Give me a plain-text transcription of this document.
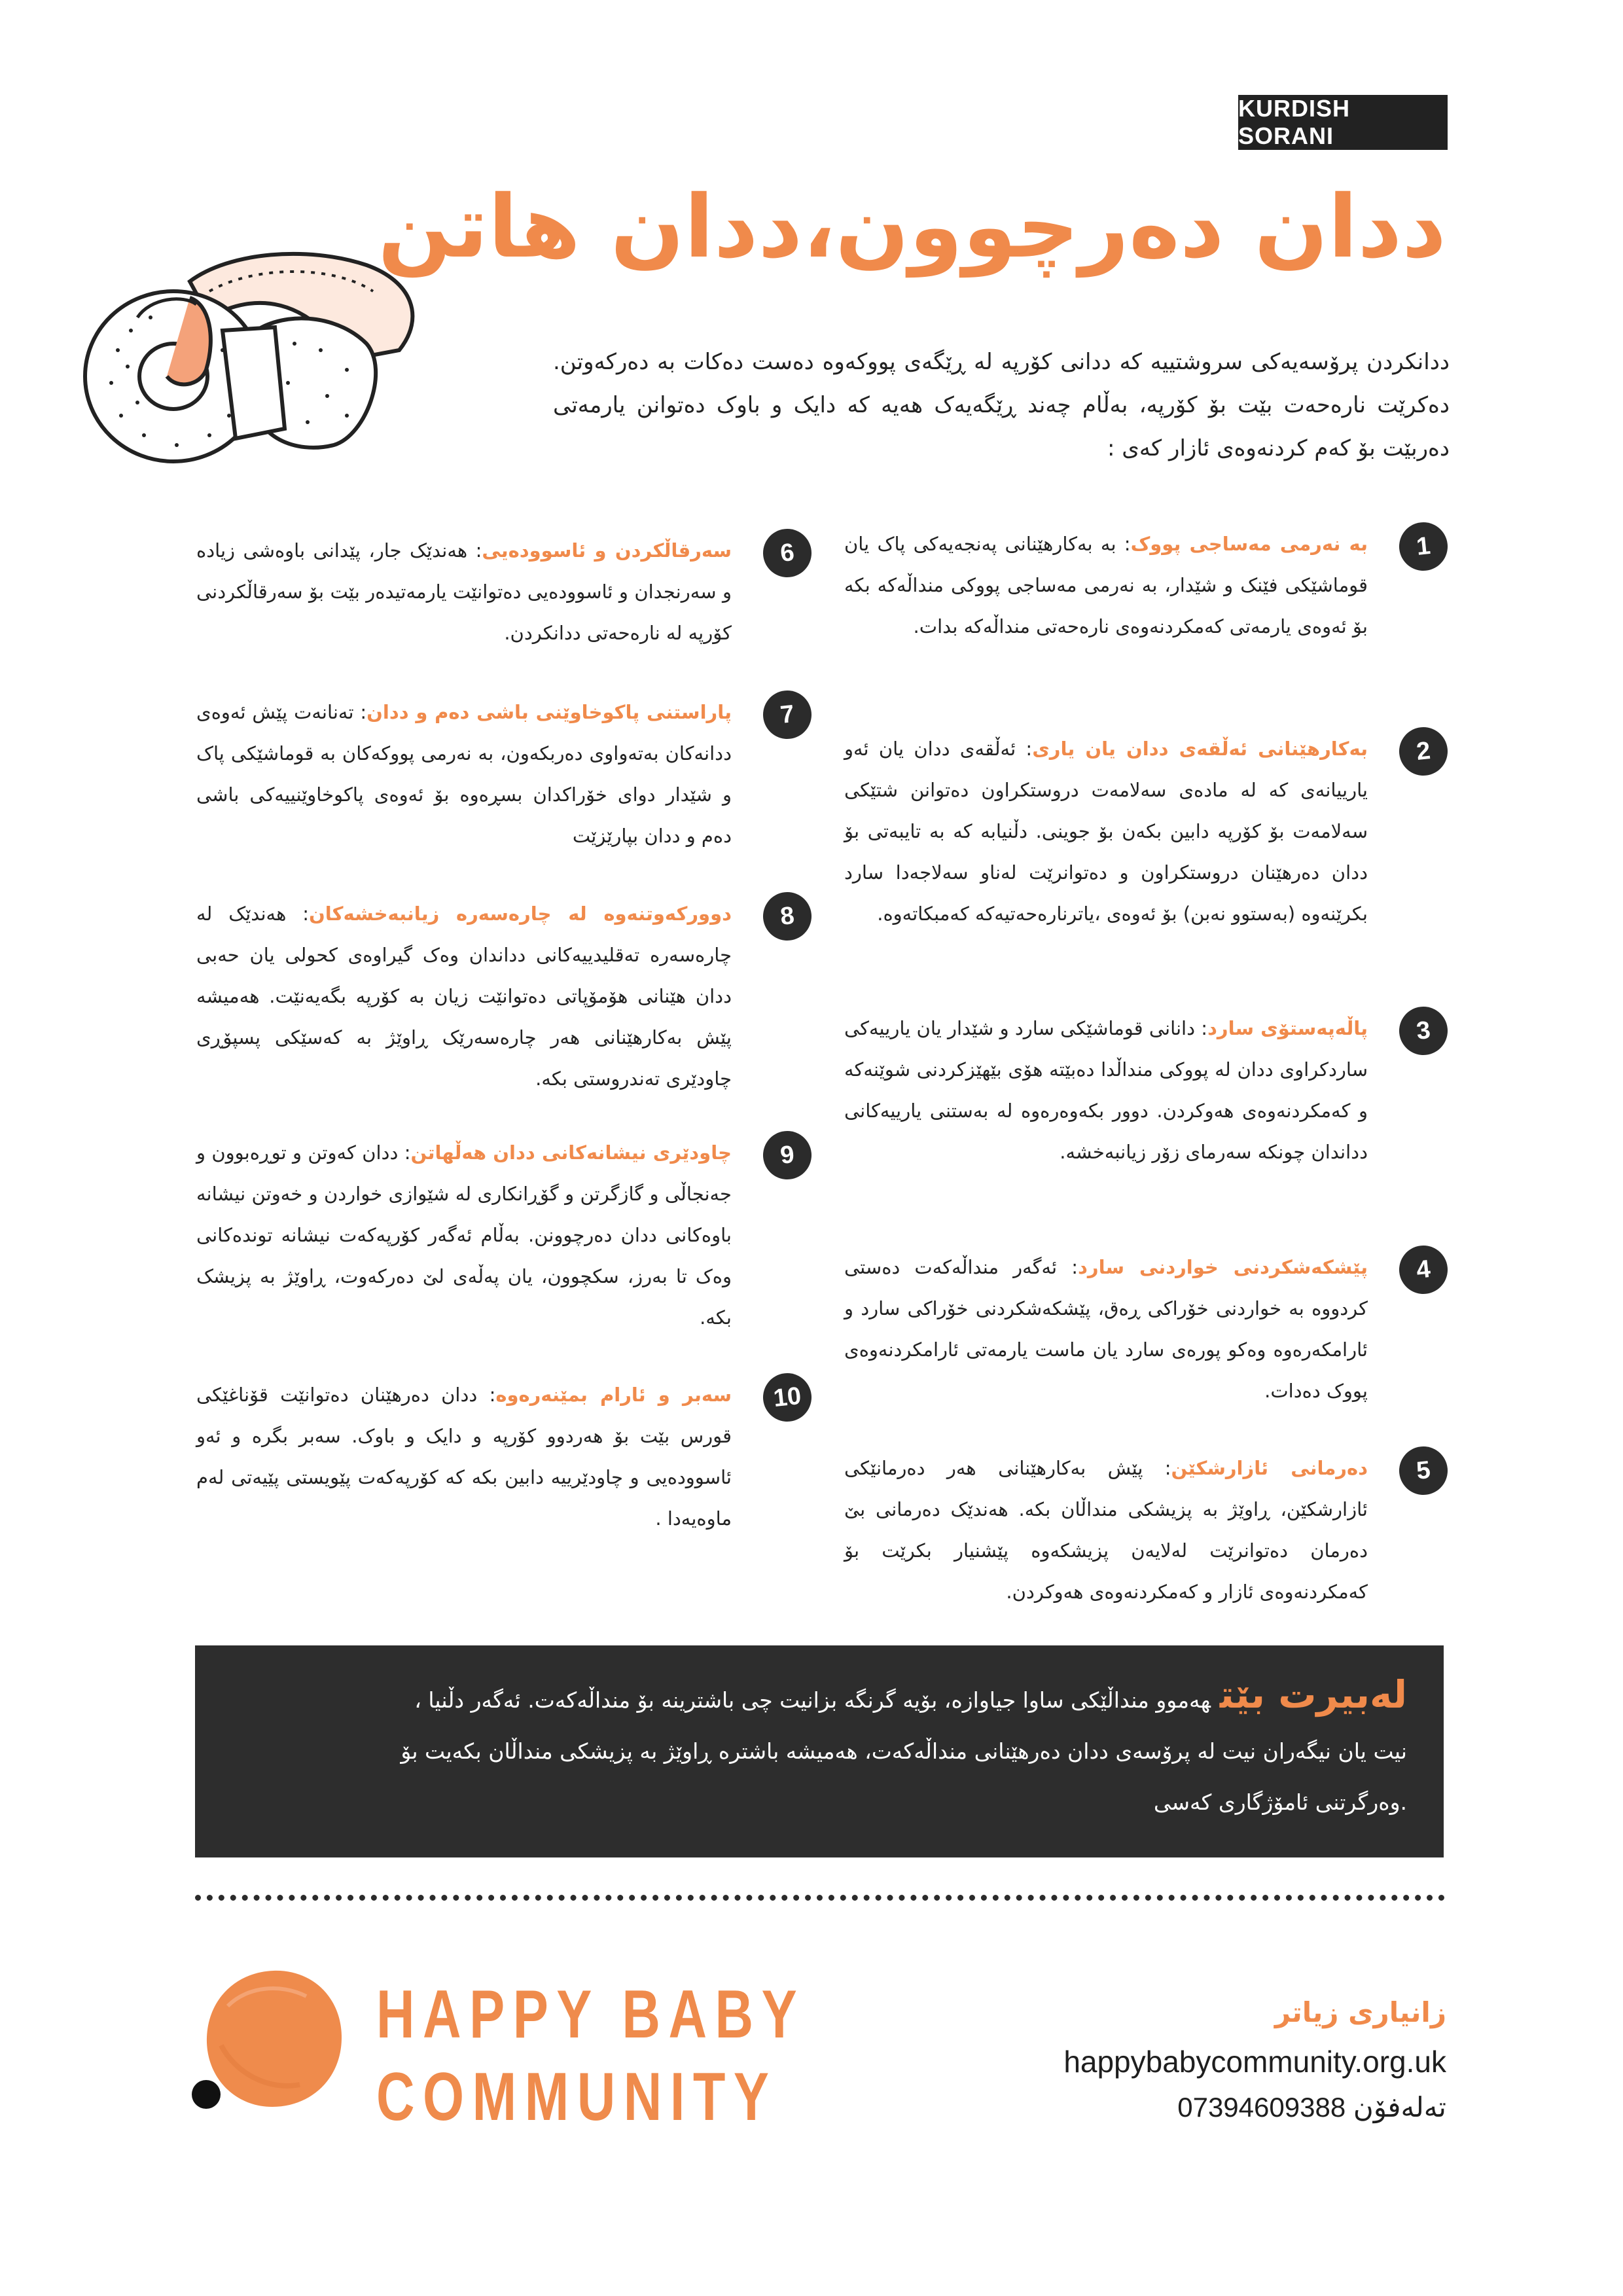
KURDISH SORANI
ددان دەرچوون،ددان هاتن

ددانکردن پرۆسەیەکی سروشتییە کە ددانی کۆرپە لە ڕێگەی پووکەوە دەست دەکات بە دەرکەوتن. دەکرێت نارەحەت بێت بۆ کۆرپە، بەڵام چەند ڕێگەیەک هەیە کە دایک و باوک دەتوانن یارمەتی دەربێت بۆ کەم کردنەوەی ئازار کەی :

1

بە نەرمی مەساجی پووک: بە بەکارهێنانی پەنجەیەکی پاک یان قوماشێکی فێنک و شێدار، بە نەرمی مەساجی پووکی منداڵەکە بکە بۆ ئەوەی یارمەتی کەمکردنەوەی نارەحەتی منداڵەکە بدات.

2

بەکارهێنانی ئەڵقەی ددان یان یاری: ئەڵقەی ددان یان ئەو یارییانەی کە لە مادەی سەلامەت دروستکراون دەتوانن شتێکی سەلامەت بۆ کۆرپە دابین بکەن بۆ جوینی. دڵنیابە کە بە تایبەتی بۆ ددان دەرهێنان دروستکراون و دەتوانرێت لەناو سەلاجەدا سارد بکرێنەوە (بەستوو نەبن) بۆ ئەوەی ،یاترنارەحەتیەکە کەمبکاتەوە.

3

پاڵەپەستۆی سارد: دانانی قوماشێکی سارد و شێدار یان یارییەکی ساردکراوی ددان لە پووکی منداڵدا دەبێتە هۆی بێهێزکردنی شوێنەکە و کەمکردنەوەی هەوکردن. دوور بکەوەرەوە لە بەستنی یارییەکانی دداندان چونکە سەرمای زۆر زیانبەخشە.

4

پێشکەشکردنی خواردنی سارد: ئەگەر منداڵەکەت دەستی کردووە بە خواردنی خۆراکی ڕەق، پێشکەشکردنی خۆراکی سارد و ئارامکەرەوە وەکو پورەی سارد یان ماست یارمەتی ئارامکردنەوەی پووک دەدات.

5

دەرمانی ئازارشکێن: پێش بەکارهێنانی هەر دەرمانێکی ئازارشکێن، ڕاوێژ بە پزیشکی منداڵان بکە. هەندێک دەرمانی بێ دەرمان دەتوانرێت لەلایەن پزیشکەوە پێشنیار بکرێت بۆ کەمکردنەوەی ئازار و کەمکردنەوەی هەوکردن.

6

سەرقاڵکردن و ئاسوودەیی: هەندێک جار، پێدانی باوەشی زیادە و سەرنجدان و ئاسوودەیی دەتوانێت یارمەتیدەر بێت بۆ سەرقاڵکردنی کۆرپە لە نارەحەتی ددانکردن.

7

پاراستنی پاکوخاوێنی باشی دەم و ددان: تەنانەت پێش ئەوەی ددانەکان بەتەواوی دەربکەون، بە نەرمی پووکەکان بە قوماشێکی پاک و شێدار دوای خۆراکدان بسڕەوە بۆ ئەوەی پاکوخاوێنییەکی باشی دەم و ددان بپارێزێت

8

دوورکەوتنەوە لە چارەسەرە زیانبەخشەکان: هەندێک لە چارەسەرە تەقلیدییەکانی دداندان وەک گیراوەی کحولی یان حەبی ددان هێنانی هۆمۆپاتی دەتوانێت زیان بە کۆرپە بگەیەنێت. هەمیشە پێش بەکارهێنانی هەر چارەسەرێک ڕاوێژ بە کەسێکی پسپۆڕی چاودێری تەندروستی بکە.

9

چاودێری نیشانەکانی ددان هەڵهاتن: ددان کەوتن و توڕەبوون و جەنجاڵی و گازگرتن و گۆڕانکاری لە شێوازی خواردن و خەوتن نیشانە باوەکانی ددان دەرچوونن. بەڵام ئەگەر کۆرپەکەت نیشانە توندەکانی وەک تا بەرز، سکچوون، یان پەڵەی لێ دەرکەوت، ڕاوێژ بە پزیشک بکە.

10

سەبر و ئارام بمێنەرەوە: ددان دەرهێنان دەتوانێت قۆناغێکی قورس بێت بۆ هەردوو کۆرپە و دایک و باوک. سەبر بگرە و ئەو ئاسوودەیی و چاودێرییە دابین بکە کە کۆرپەکەت پێویستی پێیەتی لەم ماوەیەدا .

لەبیرت بێتهەموو منداڵێکی ساوا جیاوازە، بۆیە گرنگە بزانیت چی باشترینە بۆ منداڵەکەت. ئەگەر دڵنیا ،

نیت یان نیگەران نیت لە پرۆسەی ددان دەرهێنانی منداڵەکەت، هەمیشە باشترە ڕاوێژ بە پزیشکی منداڵان بکەیت بۆ

.وەرگرتنی ئامۆژگاری کەسی

HAPPY BABY
COMMUNITY
زانیاری زیاتر
happybabycommunity.org.uk
07394609388 تەلەفۆن
